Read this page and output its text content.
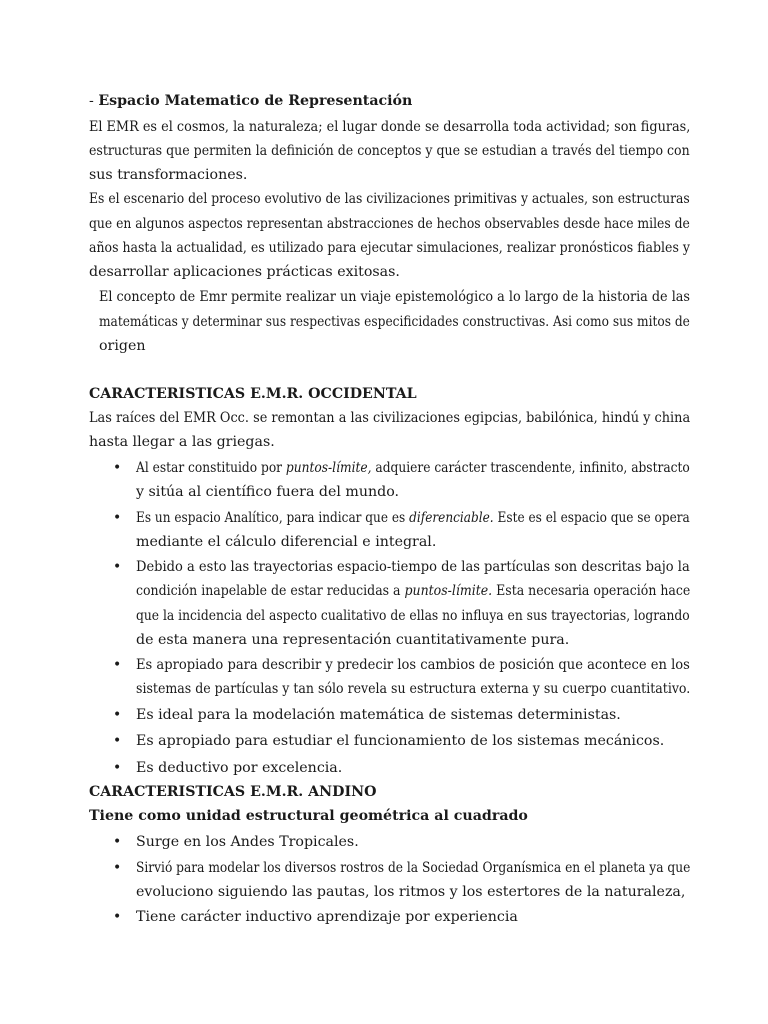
- Espacio Matematico de Representación

El EMR es el cosmos, la naturaleza; el lugar donde se desarrolla toda actividad; son figuras,

estructuras que permiten la definición de conceptos y que se estudian a través del tiempo con

sus transformaciones.

Es el escenario del proceso evolutivo de las civilizaciones primitivas y actuales, son estructuras

que en algunos aspectos representan abstracciones de hechos observables desde hace miles de

años hasta la actualidad, es utilizado para ejecutar simulaciones, realizar pronósticos fiables y

desarrollar aplicaciones prácticas exitosas.

El concepto de Emr permite realizar un viaje epistemológico a lo largo de la historia de las

matemáticas y determinar sus respectivas especificidades constructivas. Asi como sus mitos de

origen

CARACTERISTICAS E.M.R. OCCIDENTAL

Las raíces del EMR Occ. se remontan a las civilizaciones egipcias, babilónica, hindú y china

hasta llegar a las griegas.

• Al estar constituido por puntos-límite, adquiere carácter trascendente, infinito, abstracto

y sitúa al científico fuera del mundo.

• Es un espacio Analítico, para indicar que es diferenciable. Este es el espacio que se opera

mediante el cálculo diferencial e integral.

• Debido a esto las trayectorias espacio-tiempo de las partículas son descritas bajo la

condición inapelable de estar reducidas a puntos-límite. Esta necesaria operación hace

que la incidencia del aspecto cualitativo de ellas no influya en sus trayectorias, logrando

de esta manera una representación cuantitativamente pura.

• Es apropiado para describir y predecir los cambios de posición que acontece en los

sistemas de partículas y tan sólo revela su estructura externa y su cuerpo cuantitativo.

• Es ideal para la modelación matemática de sistemas deterministas.

• Es apropiado para estudiar el funcionamiento de los sistemas mecánicos.

• Es deductivo por excelencia.

CARACTERISTICAS E.M.R. ANDINO

Tiene como unidad estructural geométrica al cuadrado

• Surge en los Andes Tropicales.

• Sirvió para modelar los diversos rostros de la Sociedad Organísmica en el planeta ya que

evoluciono siguiendo las pautas, los ritmos y los estertores de la naturaleza,

• Tiene carácter inductivo aprendizaje por experiencia
